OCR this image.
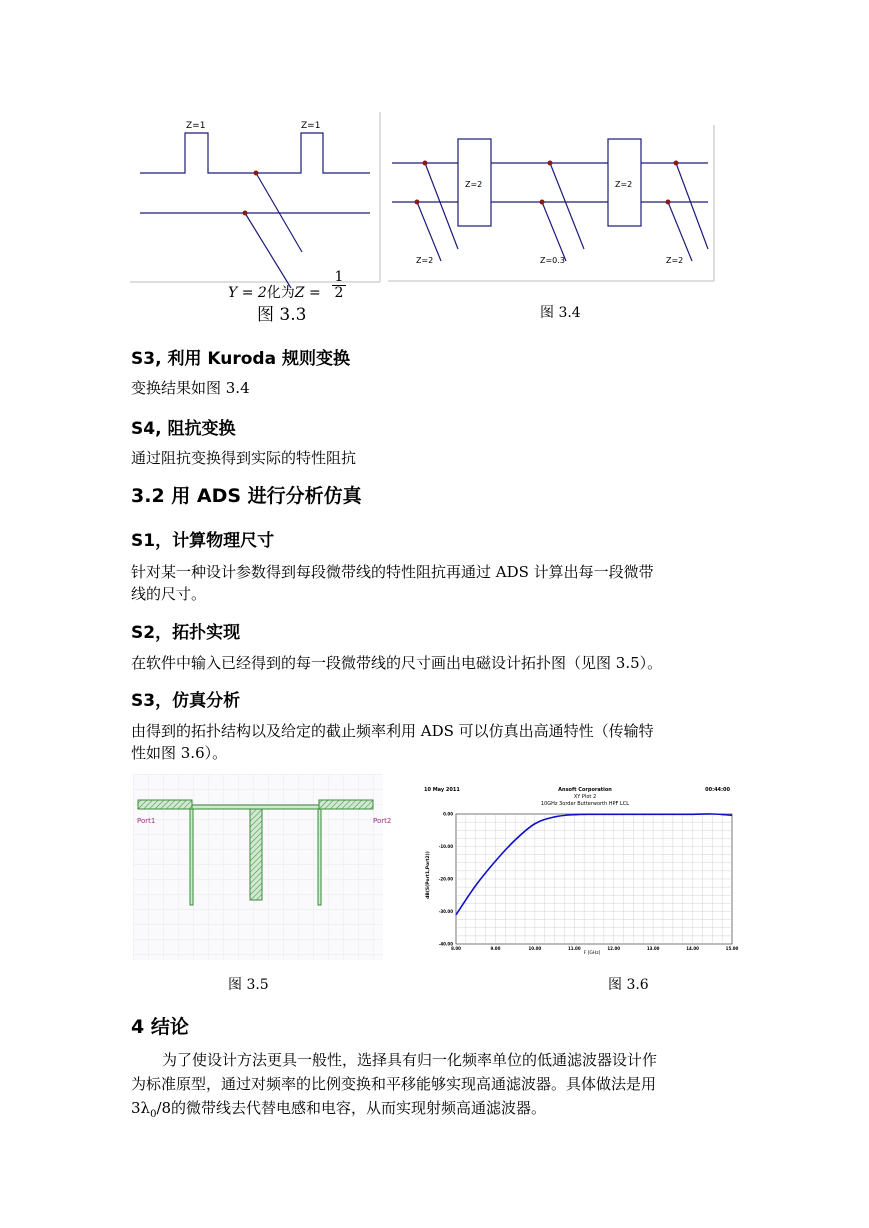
Z=1	Z=1
Y = 2化为$Z = \frac{1}{2}$
图 3.3
Z=2	Z=2
Z=2	Z=0.3	Z=2
图 3.4
S3, 利用 Kuroda 规则变换
变换结果如图 3.4
S4, 阻抗变换
通过阻抗变换得到实际的特性阻抗
3.2 用 ADS 进行分析仿真
S1，计算物理尺寸
针对某一种设计参数得到每段微带线的特性阻抗再通过 ADS 计算出每一段微带
线的尺寸。
S2，拓扑实现
在软件中输入已经得到的每一段微带线的尺寸画出电磁设计拓扑图（见图 3.5）。
S3，仿真分析
由得到的拓扑结构以及给定的截止频率利用 ADS 可以仿真出高通特性（传输特
性如图 3.6）。
Port1	Port2
图 3.5
10 May 2011	Ansoft Corporation	00:44:00
XY Plot 2
10GHz 3order Butterworth HPF LCL
dB(S(Port1,Port2))
F [GHz]
8.00	9.00	10.00	11.00	12.00	13.00	14.00	15.00
0.00
-10.00
-20.00
-30.00
-40.00
图 3.6
4 结论
为了使设计方法更具一般性，选择具有归一化频率单位的低通滤波器设计作
为标准原型，通过对频率的比例变换和平移能够实现高通滤波器。具体做法是用
$3\lambda_0/8$的微带线去代替电感和电容，从而实现射频高通滤波器。
